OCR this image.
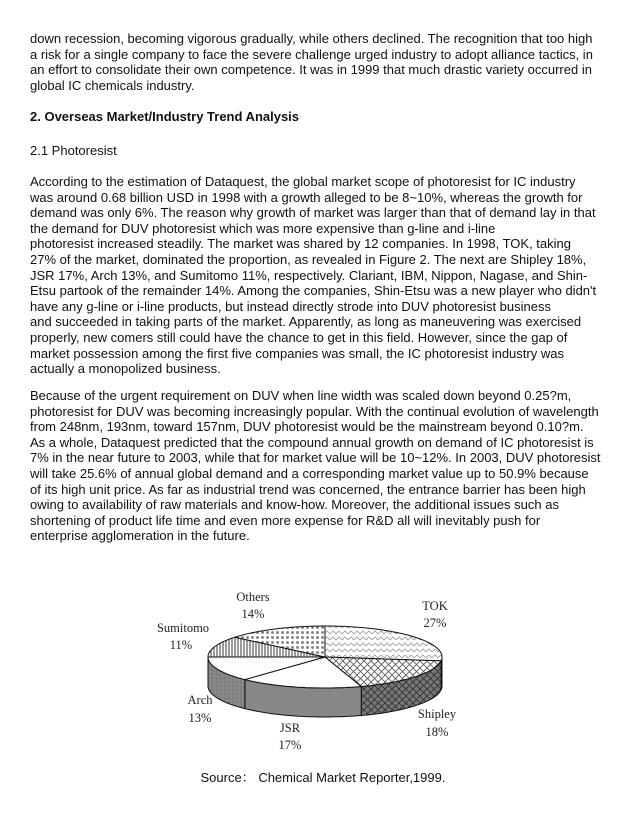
down recession, becoming vigorous gradually, while others declined. The recognition that too high
a risk for a single company to face the severe challenge urged industry to adopt alliance tactics, in
an effort to consolidate their own competence. It was in 1999 that much drastic variety occurred in
global IC chemicals industry.
2. Overseas Market/Industry Trend Analysis
2.1 Photoresist
According to the estimation of Dataquest, the global market scope of photoresist for IC industry
was around 0.68 billion USD in 1998 with a growth alleged to be 8~10%, whereas the growth for
demand was only 6%. The reason why growth of market was larger than that of demand lay in that
the demand for DUV photoresist which was more expensive than g-line and i-line
photoresist increased steadily. The market was shared by 12 companies. In 1998, TOK, taking
27% of the market, dominated the proportion, as revealed in Figure 2. The next are Shipley 18%,
JSR 17%, Arch 13%, and Sumitomo 11%, respectively. Clariant, IBM, Nippon, Nagase, and Shin-
Etsu partook of the remainder 14%. Among the companies, Shin-Etsu was a new player who didn't
have any g-line or i-line products, but instead directly strode into DUV photoresist business
and succeeded in taking parts of the market. Apparently, as long as maneuvering was exercised
properly, new comers still could have the chance to get in this field. However, since the gap of
market possession among the first five companies was small, the IC photoresist industry was
actually a monopolized business.
Because of the urgent requirement on DUV when line width was scaled down beyond 0.25?m,
photoresist for DUV was becoming increasingly popular. With the continual evolution of wavelength
from 248nm, 193nm, toward 157nm, DUV photoresist would be the mainstream beyond 0.10?m.
As a whole, Dataquest predicted that the compound annual growth on demand of IC photoresist is
7% in the near future to 2003, while that for market value will be 10~12%. In 2003, DUV photoresist
will take 25.6% of annual global demand and a corresponding market value up to 50.9% because
of its high unit price. As far as industrial trend was concerned, the entrance barrier has been high
owing to availability of raw materials and know-how. Moreover, the additional issues such as
shortening of product life time and even more expense for R&D all will inevitably push for
enterprise agglomeration in the future.
Others
14%
TOK
27%
Sumitomo
11%
Arch
13%	Shipley
18%
JSR
17%
Source： Chemical Market Reporter,1999.
